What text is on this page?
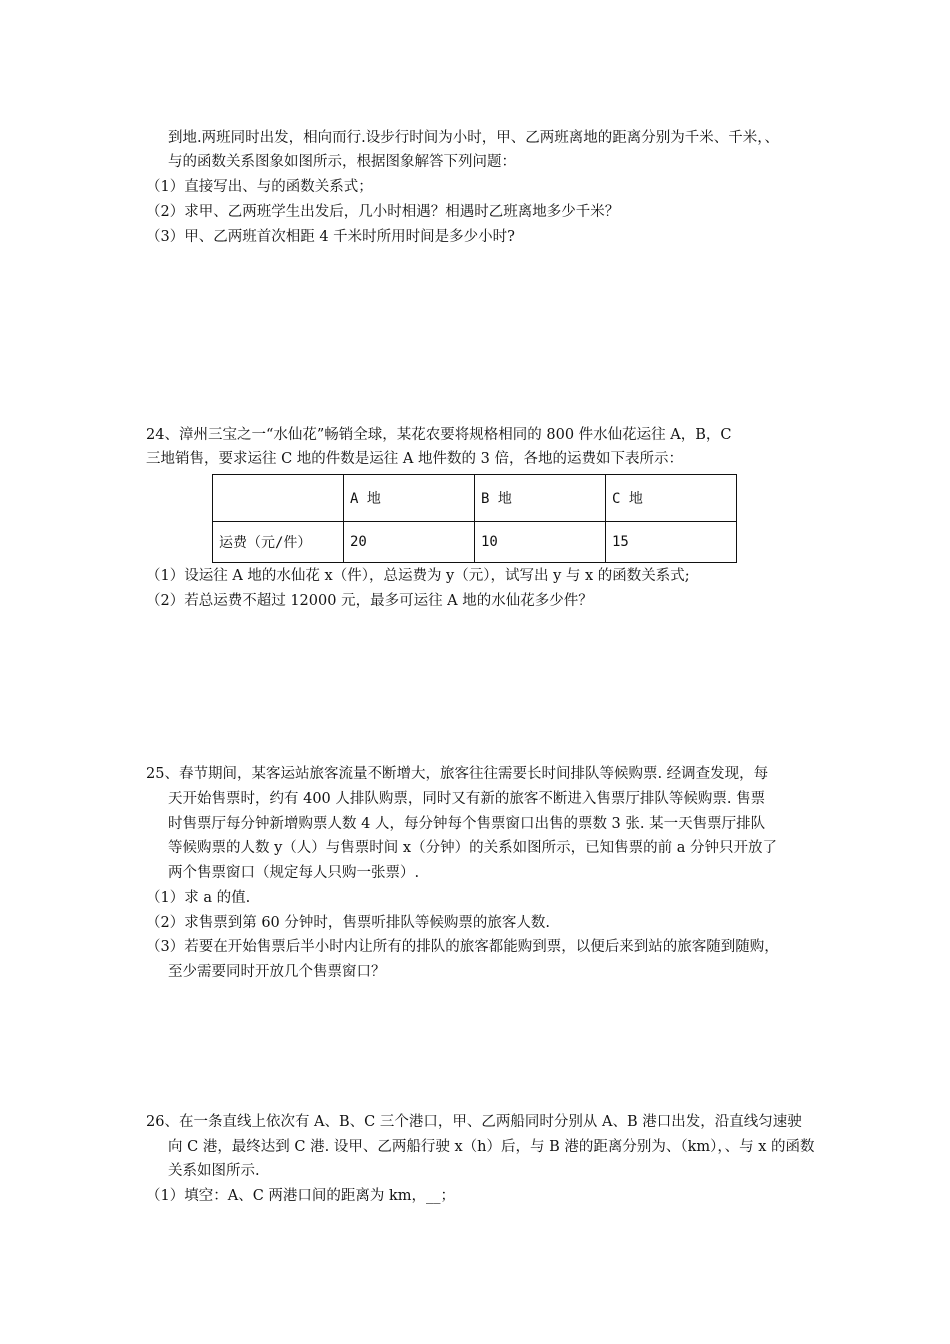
到地.两班同时出发，相向而行.设步行时间为小时，甲、乙两班离地的距离分别为千米、千米，、
与的函数关系图象如图所示，根据图象解答下列问题：
（1）直接写出、与的函数关系式；
（2）求甲、乙两班学生出发后，几小时相遇？相遇时乙班离地多少千米？
（3）甲、乙两班首次相距 4 千米时所用时间是多少小时?
24、漳州三宝之一“水仙花”畅销全球，某花农要将规格相同的 800 件水仙花运往 A，B，C
三地销售，要求运往 C 地的件数是运往 A 地件数的 3 倍，各地的运费如下表所示：
	A 地	B 地	C 地
运费（元/件）	20	10	15
（1）设运往 A 地的水仙花 x（件），总运费为 y（元），试写出 y 与 x 的函数关系式;
（2）若总运费不超过 12000 元，最多可运往 A 地的水仙花多少件？
25、春节期间，某客运站旅客流量不断增大，旅客往往需要长时间排队等候购票. 经调查发现，每
天开始售票时，约有 400 人排队购票，同时又有新的旅客不断进入售票厅排队等候购票. 售票
时售票厅每分钟新增购票人数 4 人，每分钟每个售票窗口出售的票数 3 张. 某一天售票厅排队
等候购票的人数 y（人）与售票时间 x（分钟）的关系如图所示，已知售票的前 a 分钟只开放了
两个售票窗口（规定每人只购一张票）.
（1）求 a 的值.
（2）求售票到第 60 分钟时，售票听排队等候购票的旅客人数.
（3）若要在开始售票后半小时内让所有的排队的旅客都能购到票，以便后来到站的旅客随到随购，
至少需要同时开放几个售票窗口？
26、在一条直线上依次有 A、B、C 三个港口，甲、乙两船同时分别从 A、B 港口出发，沿直线匀速驶
向 C 港，最终达到 C 港. 设甲、乙两船行驶 x（h）后，与 B 港的距离分别为、（km），、与 x 的函数
关系如图所示.
（1）填空：A、C 两港口间的距离为 km，__；
